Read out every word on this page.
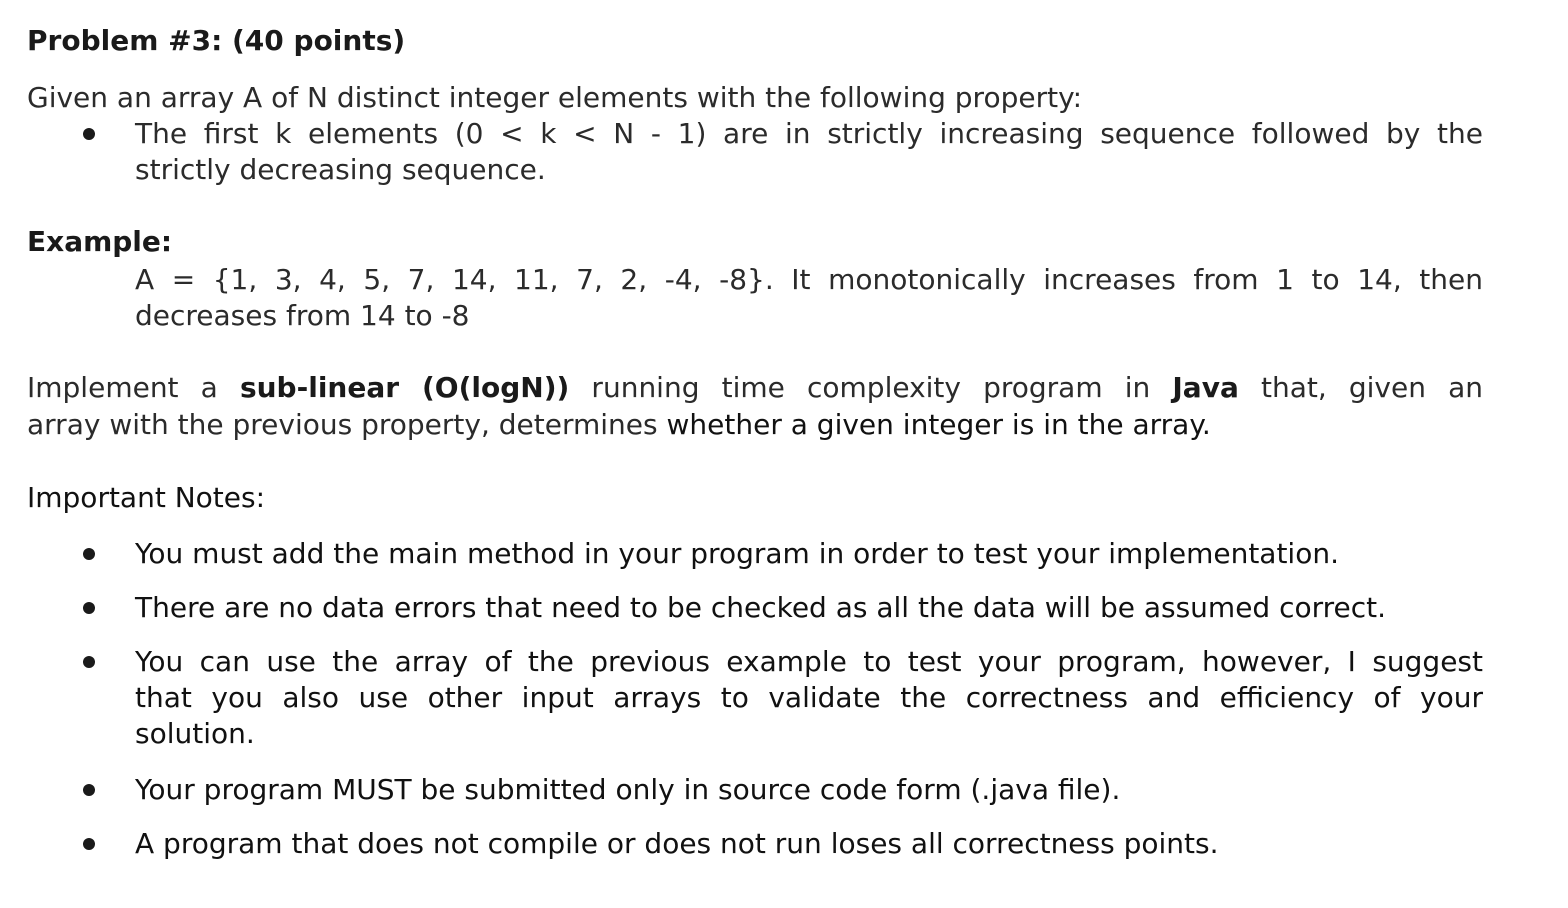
Problem #3: (40 points)
Given an array A of N distinct integer elements with the following property:
The first k elements (0 < k < N - 1) are in strictly increasing sequence followed by the
strictly decreasing sequence.
Example:
A = {1, 3, 4, 5, 7, 14, 11, 7, 2, -4, -8}. It monotonically increases from 1 to 14, then
decreases from 14 to -8
Implement a sub-linear (O(logN)) running time complexity program in Java that, given an
array with the previous property, determines whether a given integer is in the array.
Important Notes:
You must add the main method in your program in order to test your implementation.
There are no data errors that need to be checked as all the data will be assumed correct.
You can use the array of the previous example to test your program, however, I suggest
that you also use other input arrays to validate the correctness and efficiency of your
solution.
Your program MUST be submitted only in source code form (.java file).
A program that does not compile or does not run loses all correctness points.
